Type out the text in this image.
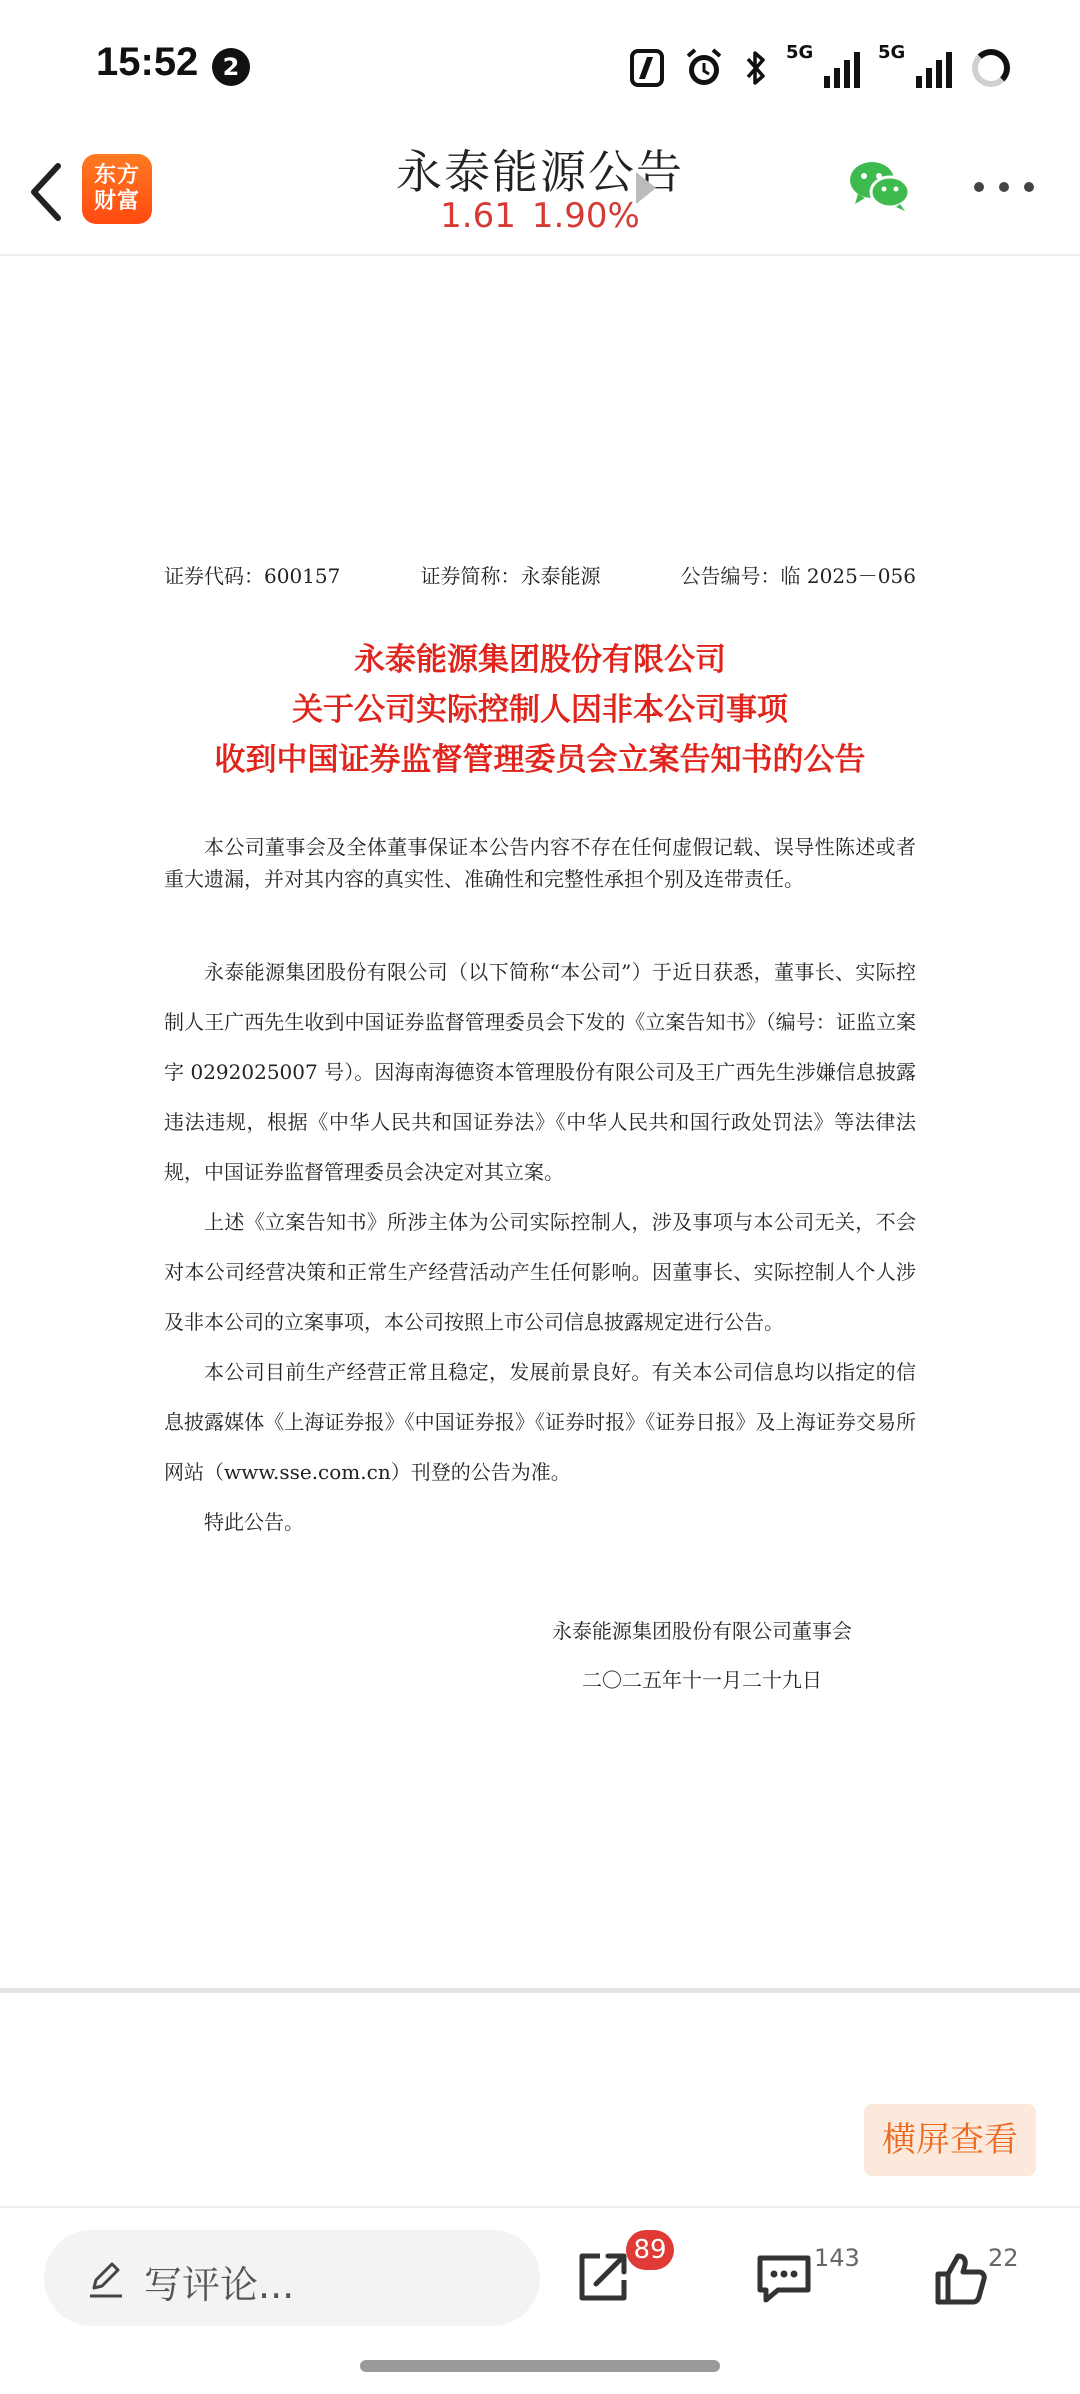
15:52	2
5G	5G
东方
财富
永泰能源公告
1.61 1.90%
证券代码：600157	证券简称：永泰能源	公告编号：临 2025－056
永泰能源集团股份有限公司
关于公司实际控制人因非本公司事项
收到中国证券监督管理委员会立案告知书的公告

本公司董事会及全体董事保证本公告内容不存在任何虚假记载、误导性陈述或者重大遗漏，并对其内容的真实性、准确性和完整性承担个别及连带责任。

永泰能源集团股份有限公司（以下简称“本公司”）于近日获悉，董事长、实际控制人王广西先生收到中国证券监督管理委员会下发的《立案告知书》（编号：证监立案字 0292025007 号）。因海南海德资本管理股份有限公司及王广西先生涉嫌信息披露违法违规，根据《中华人民共和国证券法》《中华人民共和国行政处罚法》等法律法规，中国证券监督管理委员会决定对其立案。

上述《立案告知书》所涉主体为公司实际控制人，涉及事项与本公司无关，不会对本公司经营决策和正常生产经营活动产生任何影响。因董事长、实际控制人个人涉及非本公司的立案事项，本公司按照上市公司信息披露规定进行公告。

本公司目前生产经营正常且稳定，发展前景良好。有关本公司信息均以指定的信息披露媒体《上海证券报》《中国证券报》《证券时报》《证券日报》及上海证券交易所网站（www.sse.com.cn）刊登的公告为准。

特此公告。

永泰能源集团股份有限公司董事会
二〇二五年十一月二十九日
横屏查看
写评论...
89	143	22
